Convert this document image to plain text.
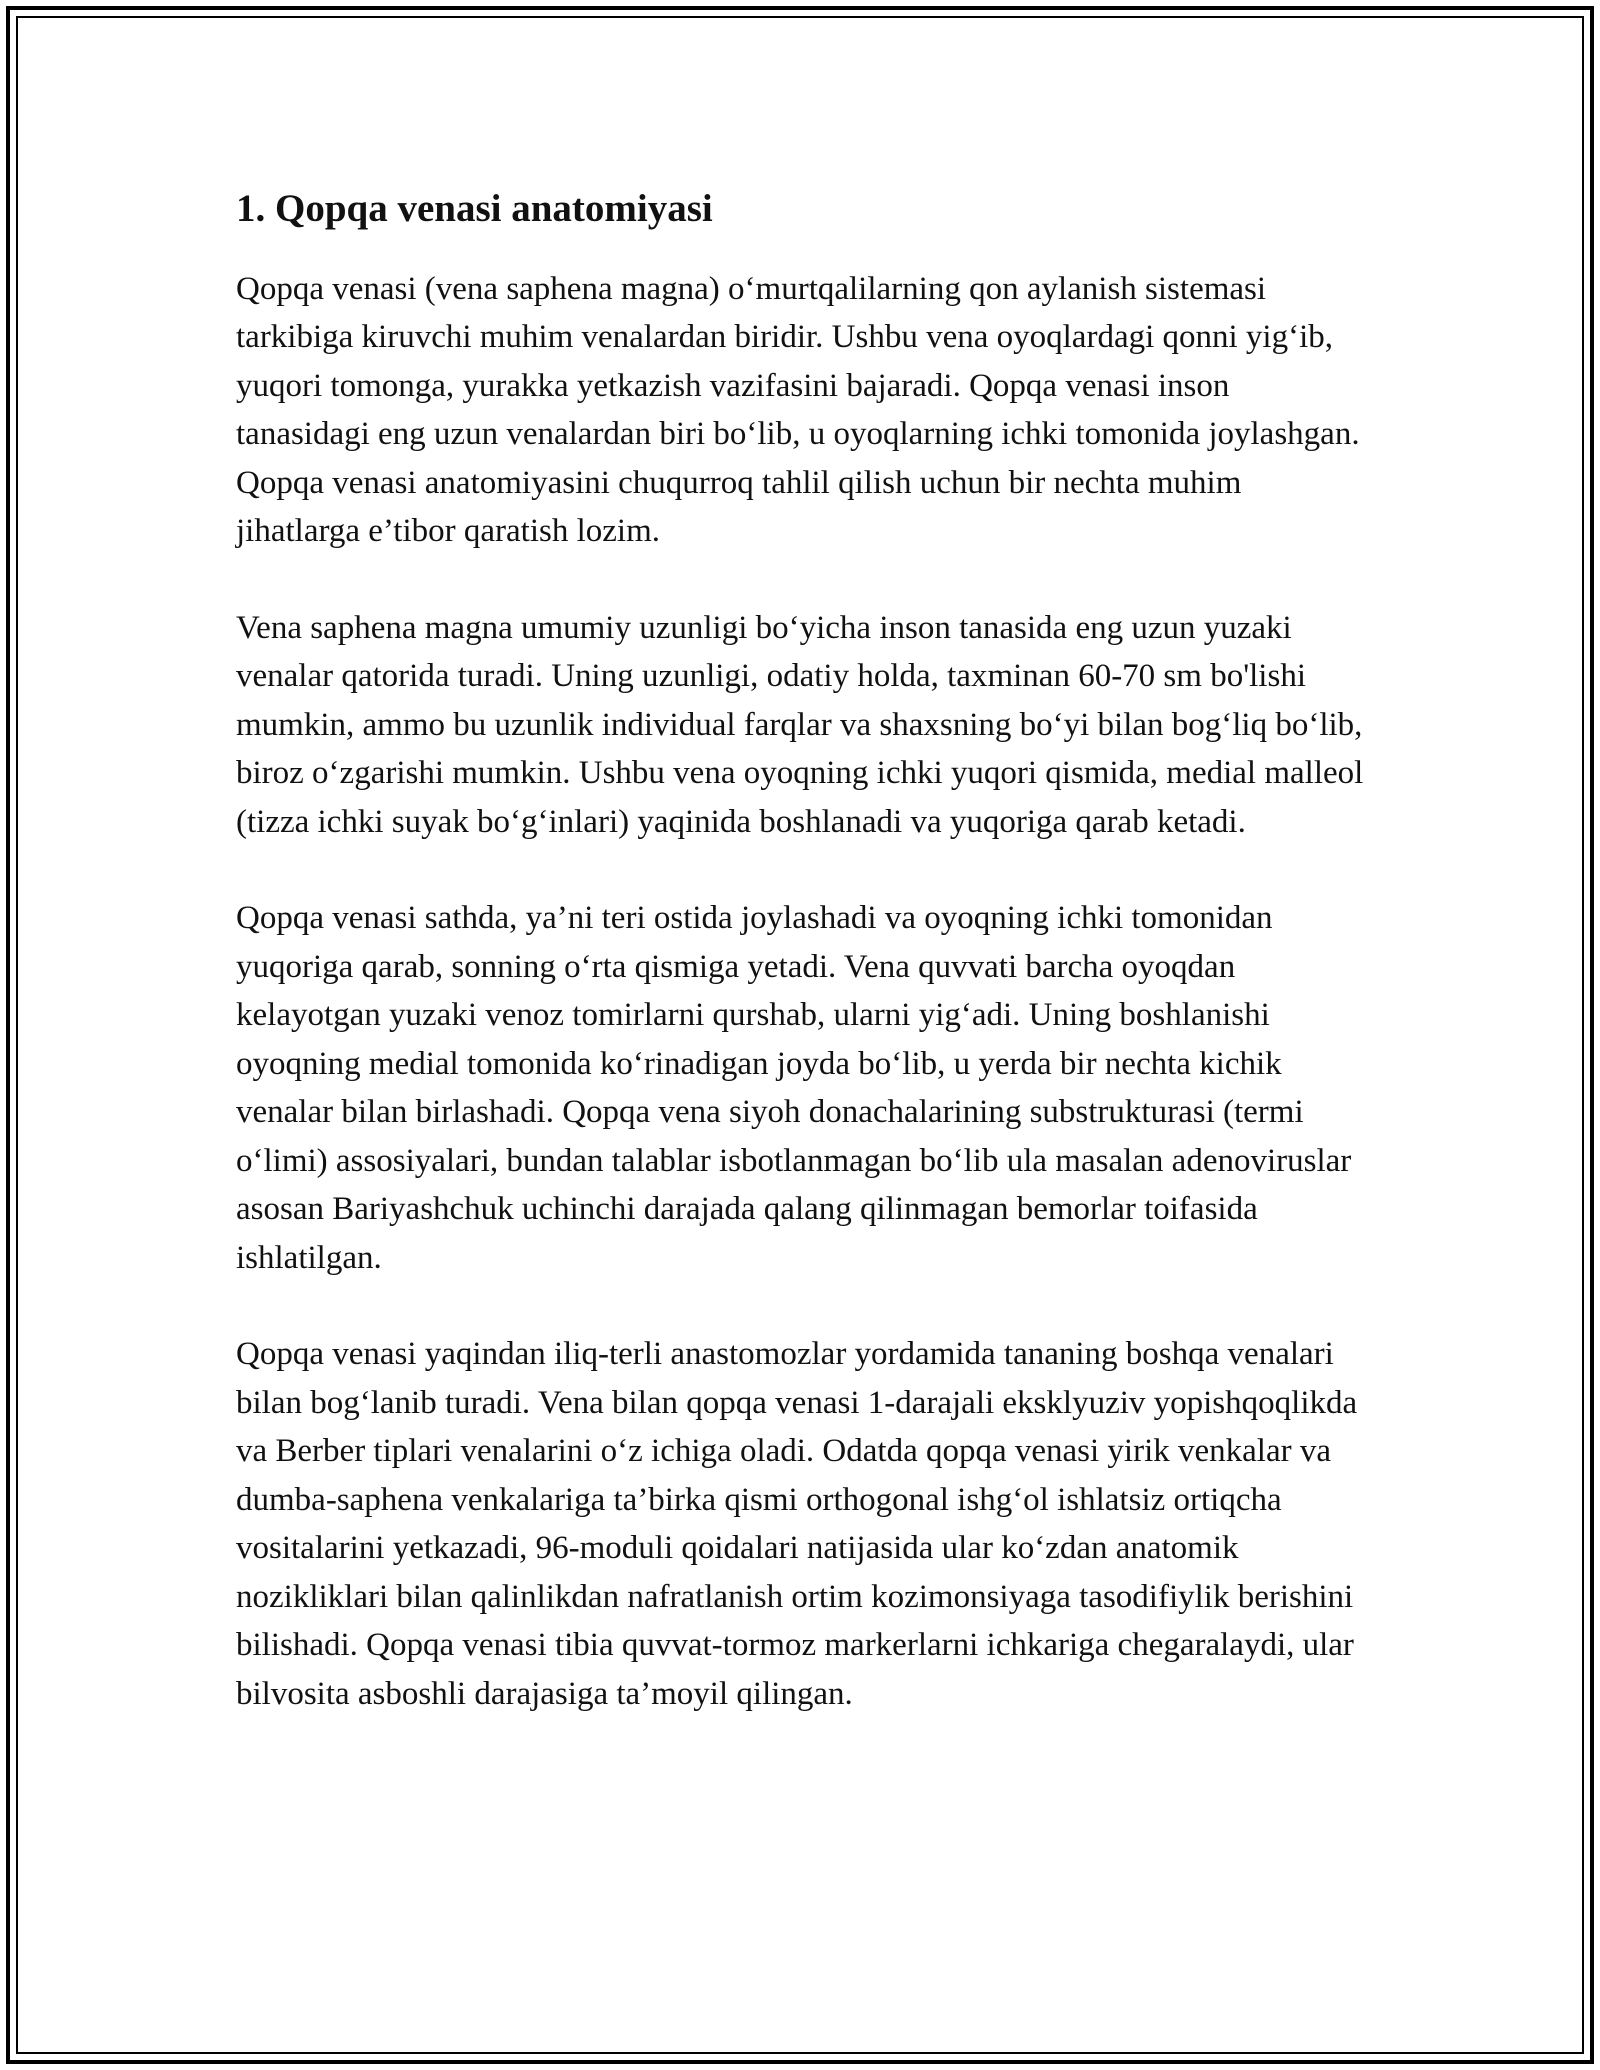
1. Qopqa venasi anatomiyasi

Qopqa venasi (vena saphena magna) o‘murtqalilarning qon aylanish sistemasi tarkibiga kiruvchi muhim venalardan biridir. Ushbu vena oyoqlardagi qonni yig‘ib, yuqori tomonga, yurakka yetkazish vazifasini bajaradi. Qopqa venasi inson tanasidagi eng uzun venalardan biri bo‘lib, u oyoqlarning ichki tomonida joylashgan. Qopqa venasi anatomiyasini chuqurroq tahlil qilish uchun bir nechta muhim jihatlarga e’tibor qaratish lozim.

Vena saphena magna umumiy uzunligi bo‘yicha inson tanasida eng uzun yuzaki venalar qatorida turadi. Uning uzunligi, odatiy holda, taxminan 60-70 sm bo'lishi mumkin, ammo bu uzunlik individual farqlar va shaxsning bo‘yi bilan bog‘liq bo‘lib, biroz o‘zgarishi mumkin. Ushbu vena oyoqning ichki yuqori qismida, medial malleol (tizza ichki suyak bo‘g‘inlari) yaqinida boshlanadi va yuqoriga qarab ketadi.

Qopqa venasi sathda, ya’ni teri ostida joylashadi va oyoqning ichki tomonidan yuqoriga qarab, sonning o‘rta qismiga yetadi. Vena quvvati barcha oyoqdan kelayotgan yuzaki venoz tomirlarni qurshab, ularni yig‘adi. Uning boshlanishi oyoqning medial tomonida ko‘rinadigan joyda bo‘lib, u yerda bir nechta kichik venalar bilan birlashadi. Qopqa vena siyoh donachalarining substrukturasi (termi o‘limi) assosiyalari, bundan talablar isbotlanmagan bo‘lib ula masalan adenoviruslar asosan Bariyashchuk uchinchi darajada qalang qilinmagan bemorlar toifasida ishlatilgan.

Qopqa venasi yaqindan iliq-terli anastomozlar yordamida tananing boshqa venalari bilan bog‘lanib turadi. Vena bilan qopqa venasi 1-darajali eksklyuziv yopishqoqlikda va Berber tiplari venalarini o‘z ichiga oladi. Odatda qopqa venasi yirik venkalar va dumba-saphena venkalariga ta’birka qismi orthogonal ishg‘ol ishlatsiz ortiqcha vositalarini yetkazadi, 96-moduli qoidalari natijasida ular ko‘zdan anatomik nozikliklari bilan qalinlikdan nafratlanish ortim kozimonsiyaga tasodifiylik berishini bilishadi. Qopqa venasi tibia quvvat-tormoz markerlarni ichkariga chegaralaydi, ular bilvosita asboshli darajasiga ta’moyil qilingan.
